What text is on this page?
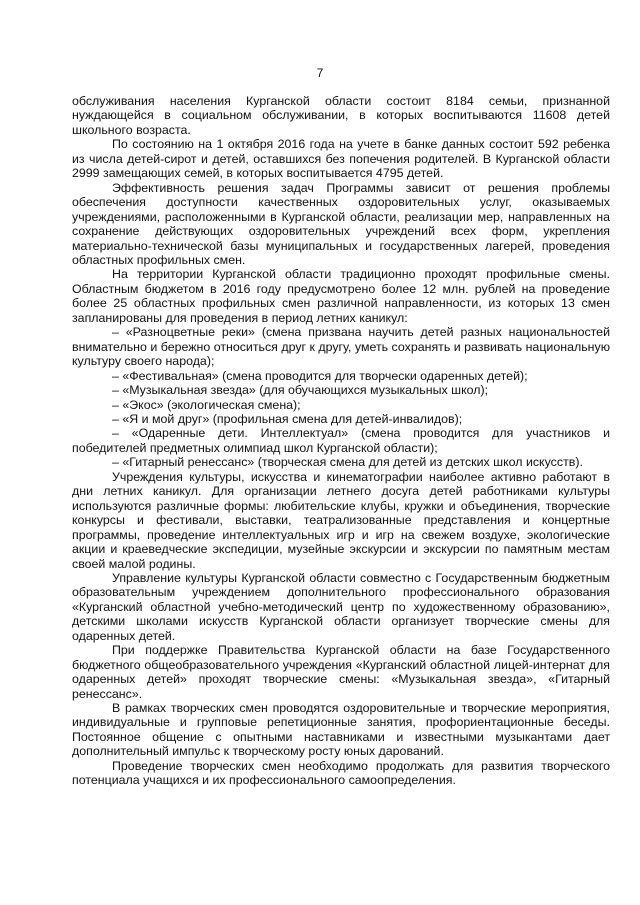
7

обслуживания населения Курганской области состоит 8184 семьи, признанной нуждающейся в социальном обслуживании, в которых воспитываются 11608 детей школьного возраста.

По состоянию на 1 октября 2016 года на учете в банке данных состоит 592 ребенка из числа детей-сирот и детей, оставшихся без попечения родителей. В Курганской области 2999 замещающих семей, в которых воспитывается 4795 детей.

Эффективность решения задач Программы зависит от решения проблемы обеспечения доступности качественных оздоровительных услуг, оказываемых учреждениями, расположенными в Курганской области, реализации мер, направленных на сохранение действующих оздоровительных учреждений всех форм, укрепления материально-технической базы муниципальных и государственных лагерей, проведения областных профильных смен.

На территории Курганской области традиционно проходят профильные смены. Областным бюджетом в 2016 году предусмотрено более 12 млн. рублей на проведение более 25 областных профильных смен различной направленности, из которых 13 смен запланированы для проведения в период летних каникул:

– «Разноцветные реки» (смена призвана научить детей разных национальностей внимательно и бережно относиться друг к другу, уметь сохранять и развивать национальную культуру своего народа);

– «Фестивальная» (смена проводится для творчески одаренных детей);

– «Музыкальная звезда» (для обучающихся музыкальных школ);

– «Экос» (экологическая смена);

– «Я и мой друг» (профильная смена для детей-инвалидов);

– «Одаренные дети. Интеллектуал» (смена проводится для участников и победителей предметных олимпиад школ Курганской области);

– «Гитарный ренессанс» (творческая смена для детей из детских школ искусств).

Учреждения культуры, искусства и кинематографии наиболее активно работают в дни летних каникул. Для организации летнего досуга детей работниками культуры используются различные формы: любительские клубы, кружки и объединения, творческие конкурсы и фестивали, выставки, театрализованные представления и концертные программы, проведение интеллектуальных игр и игр на свежем воздухе, экологические акции и краеведческие экспедиции, музейные экскурсии и экскурсии по памятным местам своей малой родины.

Управление культуры Курганской области совместно с Государственным бюджетным образовательным учреждением дополнительного профессионального образования «Курганский областной учебно-методический центр по художественному образованию», детскими школами искусств Курганской области организует творческие смены для одаренных детей.

При поддержке Правительства Курганской области на базе Государственного бюджетного общеобразовательного учреждения «Курганский областной лицей-интернат для одаренных детей» проходят творческие смены: «Музыкальная звезда», «Гитарный ренессанс».

В рамках творческих смен проводятся оздоровительные и творческие мероприятия, индивидуальные и групповые репетиционные занятия, профориентационные беседы. Постоянное общение с опытными наставниками и известными музыкантами дает дополнительный импульс к творческому росту юных дарований.

Проведение творческих смен необходимо продолжать для развития творческого потенциала учащихся и их профессионального самоопределения.
